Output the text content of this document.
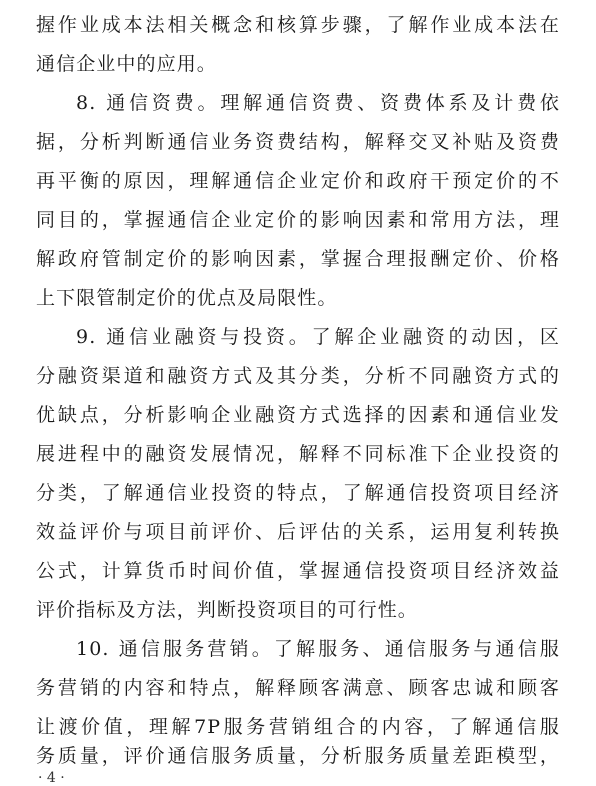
握作业成本法相关概念和核算步骤，了解作业成本法在
通信企业中的应用。
8. 通信资费。理解通信资费、资费体系及计费依
据，分析判断通信业务资费结构，解释交叉补贴及资费
再平衡的原因，理解通信企业定价和政府干预定价的不
同目的，掌握通信企业定价的影响因素和常用方法，理
解政府管制定价的影响因素，掌握合理报酬定价、价格
上下限管制定价的优点及局限性。
9. 通信业融资与投资。了解企业融资的动因，区
分融资渠道和融资方式及其分类，分析不同融资方式的
优缺点，分析影响企业融资方式选择的因素和通信业发
展进程中的融资发展情况，解释不同标准下企业投资的
分类，了解通信业投资的特点，了解通信投资项目经济
效益评价与项目前评价、后评估的关系，运用复利转换
公式，计算货币时间价值，掌握通信投资项目经济效益
评价指标及方法，判断投资项目的可行性。
10. 通信服务营销。了解服务、通信服务与通信服
务营销的内容和特点，解释顾客满意、顾客忠诚和顾客
让渡价值，理解7P服务营销组合的内容，了解通信服
务质量，评价通信服务质量，分析服务质量差距模型，
· 4 ·
